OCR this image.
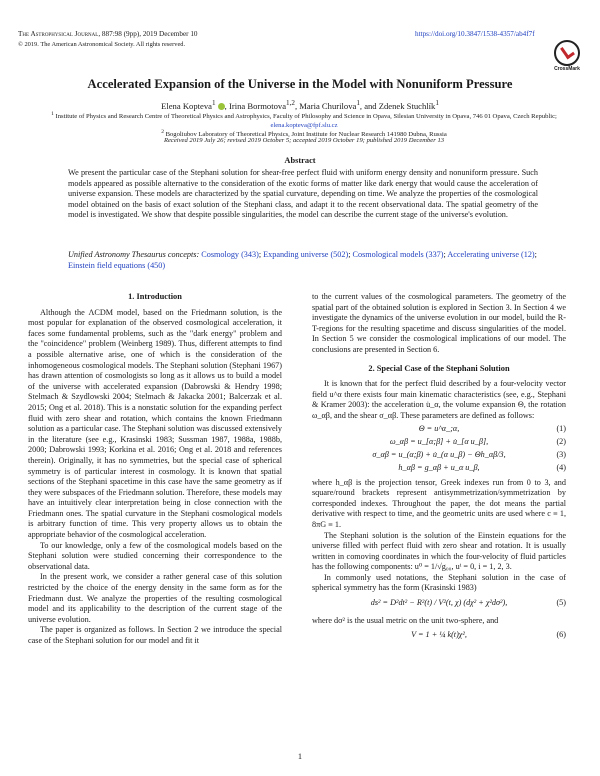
The Astrophysical Journal, 887:98 (9pp), 2019 December 10	https://doi.org/10.3847/1538-4357/ab4f7f
© 2019. The American Astronomical Society. All rights reserved.
CrossMark
Accelerated Expansion of the Universe in the Model with Nonuniform Pressure
Elena Kopteva$^1$ , Irina Bormotova$^{1,2}$, Maria Churilova$^1$, and Zdenek Stuchlík$^1$
$^1$ Institute of Physics and Research Centre of Theoretical Physics and Astrophysics, Faculty of Philosophy and Science in Opava, Silesian University in Opava, 746 01 Opava, Czech Republic; elena.kopteva@fpf.slu.cz
$^2$ Bogoliubov Laboratory of Theoretical Physics, Joint Institute for Nuclear Research 141980 Dubna, Russia
Received 2019 July 26; revised 2019 October 5; accepted 2019 October 19; published 2019 December 13
Abstract
We present the particular case of the Stephani solution for shear-free perfect fluid with uniform energy density and nonuniform pressure. Such models appeared as possible alternative to the consideration of the exotic forms of matter like dark energy that would cause the acceleration of universe expansion. These models are characterized by the spatial curvature, depending on time. We analyze the properties of the cosmological model obtained on the basis of exact solution of the Stephani class, and adapt it to the recent observational data. The spatial geometry of the model is investigated. We show that despite possible singularities, the model can describe the current stage of the universe's evolution.
Unified Astronomy Thesaurus concepts: Cosmology (343); Expanding universe (502); Cosmological models (337); Accelerating universe (12); Einstein field equations (450)
1. Introduction

Although the ΛCDM model, based on the Friedmann solution, is the most popular for explanation of the observed cosmological acceleration, it faces some fundamental problems, such as the "dark energy" problem and the "coincidence" problem (Weinberg 1989). Thus, different attempts to find a possible alternative arise, one of which is the consideration of the inhomogeneous cosmological models. The Stephani solution (Stephani 1967) has drawn attention of cosmologists so long as it allows us to build a model of the universe with accelerated expansion (Dabrowski & Hendry 1998; Stelmach & Szydlowski 2004; Stelmach & Jakacka 2001; Balcerzak et al. 2015; Ong et al. 2018). This is a nonstatic solution for the expanding perfect fluid with zero shear and rotation, which contains the known Friedmann solution as a particular case. The Stephani solution was discussed extensively in the literature (see e.g., Krasinski 1983; Sussman 1987, 1988a, 1988b, 2000; Dabrowski 1993; Korkina et al. 2016; Ong et al. 2018 and references therein). Originally, it has no symmetries, but the special case of spherical symmetry is of particular interest in cosmology. It is known that spatial sections of the Stephani spacetime in this case have the same geometry as if they were subspaces of the Friedmann solution. Therefore, these models may have an intuitively clear interpretation being in close connection with the Friedmann ones. The spatial curvature in the Stephani cosmological models is arbitrary function of time. This very property allows us to obtain the appropriate behavior of the cosmological acceleration.

To our knowledge, only a few of the cosmological models based on the Stephani solution were studied concerning their correspondence to the observational data.

In the present work, we consider a rather general case of this solution restricted by the choice of the energy density in the same form as for the Friedmann dust. We analyze the properties of the resulting cosmological model and its applicability to the description of the current stage of the universe evolution.

The paper is organized as follows. In Section 2 we introduce the special case of the Stephani solution for our model and fit it

to the current values of the cosmological parameters. The geometry of the spatial part of the obtained solution is explored in Section 3. In Section 4 we investigate the dynamics of the universe evolution in our model, build the R-T-regions for the resulting spacetime and discuss singularities of the model. In Section 5 we consider the cosmological implications of our model. The conclusions are presented in Section 6.

2. Special Case of the Stephani Solution

It is known that for the perfect fluid described by a four-velocity vector field u^α there exists four main kinematic characteristics (see, e.g., Stephani & Kramer 2003): the acceleration u̇_α, the volume expansion Θ, the rotation ω_αβ, and the shear σ_αβ. These parameters are defined as follows:

Θ = u^α_;α,	(1)
ω_αβ = u_[α;β] + u̇_[α u_β],	(2)
σ_αβ = u_(α;β) + u̇_(α u_β) − Θh_αβ/3,	(3)
h_αβ = g_αβ + u_α u_β,	(4)

where h_αβ is the projection tensor, Greek indexes run from 0 to 3, and square/round brackets represent antisymmetrization/symmetrization by corresponded indexes. Throughout the paper, the dot means the partial derivative with respect to time, and the geometric units are used where c ≡ 1, 8πG ≡ 1.

The Stephani solution is the solution of the Einstein equations for the universe filled with perfect fluid with zero shear and rotation. It is usually written in comoving coordinates in which the four-velocity of fluid particles has the following components: u⁰ = 1/√g₀₀, uⁱ = 0, i = 1, 2, 3.

In commonly used notations, the Stephani solution in the case of spherical symmetry has the form (Krasinski 1983)

ds² = D²dt² − R²(t) / V²(t, χ) (dχ² + χ²dσ²),	(5)

where dσ² is the usual metric on the unit two-sphere, and

V = 1 + ¼ k(t)χ²,	(6)
1
